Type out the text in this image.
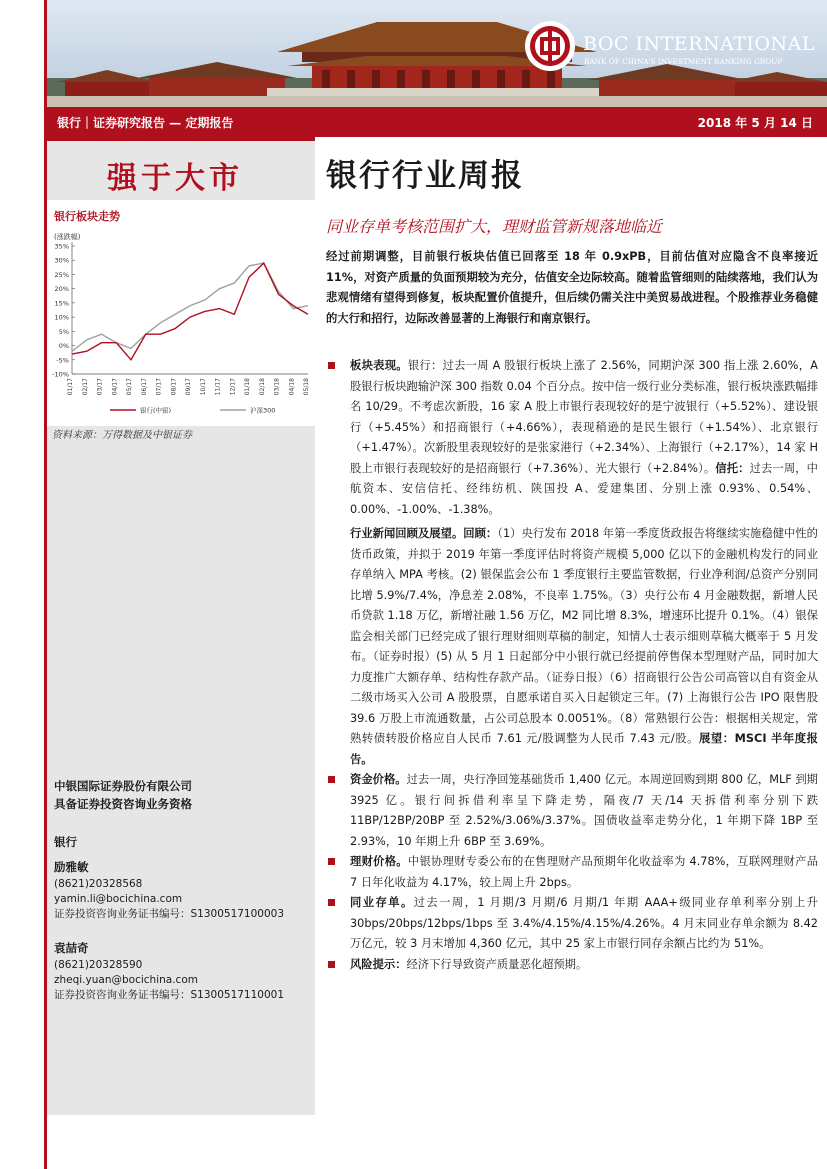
BOC INTERNATIONAL
BANK OF CHINA'S INVESTMENT BANKING GROUP
银行｜证券研究报告 — 定期报告	2018 年 5 月 14 日
强于大市
银行板块走势
(涨跌幅)
35%
30%
25%
20%
15%
10%
5%
0%
-5%
-10%
01/17 02/17 03/17 04/17 05/17 06/17 07/17 08/17 09/17 10/17 11/17 12/17 01/18 02/18 03/18 04/18 05/18
银行(中银)	沪深300
资料来源：万得数据及中银证券
中银国际证券股份有限公司
具备证券投资咨询业务资格
银行
励雅敏
(8621)20328568
yamin.li@bocichina.com
证券投资咨询业务证书编号：S1300517100003
袁喆奇
(8621)20328590
zheqi.yuan@bocichina.com
证券投资咨询业务证书编号：S1300517110001
银行行业周报
同业存单考核范围扩大，理财监管新规落地临近
经过前期调整，目前银行板块估值已回落至 18 年 0.9xPB，目前估值对应隐含不良率接近 11%，对资产质量的负面预期较为充分，估值安全边际较高。随着监管细则的陆续落地，我们认为悲观情绪有望得到修复，板块配置价值提升，但后续仍需关注中美贸易战进程。个股推荐业务稳健的大行和招行，边际改善显著的上海银行和南京银行。

板块表现。银行：过去一周 A 股银行板块上涨了 2.56%，同期沪深 300 指上涨 2.60%，A 股银行板块跑输沪深 300 指数 0.04 个百分点。按中信一级行业分类标准，银行板块涨跌幅排名 10/29。不考虑次新股，16 家 A 股上市银行表现较好的是宁波银行（+5.52%）、建设银行（+5.45%）和招商银行（+4.66%），表现稍逊的是民生银行（+1.54%）、北京银行（+1.47%）。次新股里表现较好的是张家港行（+2.34%）、上海银行（+2.17%），14 家 H 股上市银行表现较好的是招商银行（+7.36%）、光大银行（+2.84%）。信托：过去一周，中航资本、安信信托、经纬纺机、陕国投 A、爱建集团、分别上涨 0.93%、0.54%、0.00%、-1.00%、-1.38%。

行业新闻回顾及展望。回顾：（1）央行发布 2018 年第一季度货政报告将继续实施稳健中性的货币政策，并拟于 2019 年第一季度评估时将资产规模 5,000 亿以下的金融机构发行的同业存单纳入 MPA 考核。(2) 银保监会公布 1 季度银行主要监管数据，行业净利润/总资产分别同比增 5.9%/7.4%，净息差 2.08%，不良率 1.75%。（3）央行公布 4 月金融数据，新增人民币贷款 1.18 万亿，新增社融 1.56 万亿，M2 同比增 8.3%，增速环比提升 0.1%。（4）银保监会相关部门已经完成了银行理财细则草稿的制定，知情人士表示细则草稿大概率于 5 月发布。（证券时报）(5) 从 5 月 1 日起部分中小银行就已经提前停售保本型理财产品，同时加大力度推广大额存单、结构性存款产品。（证券日报）（6）招商银行公告公司高管以自有资金从二级市场买入公司 A 股股票，自愿承诺自买入日起锁定三年。(7) 上海银行公告 IPO 限售股 39.6 万股上市流通数量，占公司总股本 0.0051%。（8）常熟银行公告：根据相关规定，常熟转债转股价格应自人民币 7.61 元/股调整为人民币 7.43 元/股。展望：MSCI 半年度报告。

资金价格。过去一周，央行净回笼基础货币 1,400 亿元。本周逆回购到期 800 亿，MLF 到期 3925 亿。银行间拆借利率呈下降走势，隔夜/7 天/14 天拆借利率分别下跌 11BP/12BP/20BP 至 2.52%/3.06%/3.37%。国债收益率走势分化，1 年期下降 1BP 至 2.93%，10 年期上升 6BP 至 3.69%。

理财价格。中银协理财专委公布的在售理财产品预期年化收益率为 4.78%，互联网理财产品 7 日年化收益为 4.17%，较上周上升 2bps。

同业存单。过去一周，1 月期/3 月期/6 月期/1 年期 AAA+级同业存单利率分别上升 30bps/20bps/12bps/1bps 至 3.4%/4.15%/4.15%/4.26%。4 月末同业存单余额为 8.42 万亿元，较 3 月末增加 4,360 亿元，其中 25 家上市银行同存余额占比约为 51%。

风险提示：经济下行导致资产质量恶化超预期。
